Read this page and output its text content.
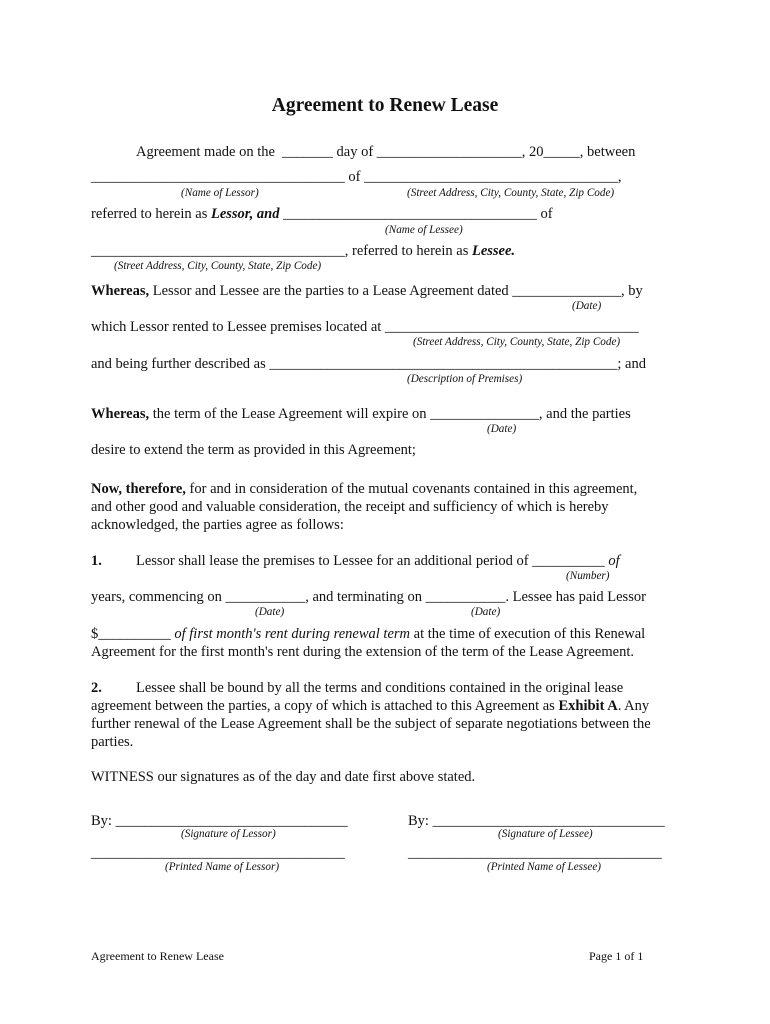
Agreement to Renew Lease
Agreement made on the  _______ day of ____________________, 20_____, between
___________________________________ of ___________________________________,
(Name of Lessor)	(Street Address, City, County, State, Zip Code)
referred to herein as Lessor, and ___________________________________ of
(Name of Lessee)
___________________________________, referred to herein as Lessee.
(Street Address, City, County, State, Zip Code)
Whereas, Lessor and Lessee are the parties to a Lease Agreement dated _______________, by
(Date)
which Lessor rented to Lessee premises located at ___________________________________
(Street Address, City, County, State, Zip Code)
and being further described as ________________________________________________; and
(Description of Premises)
Whereas, the term of the Lease Agreement will expire on _______________, and the parties
(Date)
desire to extend the term as provided in this Agreement;
Now, therefore, for and in consideration of the mutual covenants contained in this agreement,
and other good and valuable consideration, the receipt and sufficiency of which is hereby
acknowledged, the parties agree as follows:
1. Lessor shall lease the premises to Lessee for an additional period of __________ of
(Number)
years, commencing on ___________, and terminating on ___________. Lessee has paid Lessor
(Date)	(Date)
$__________ of first month's rent during renewal term at the time of execution of this Renewal
Agreement for the first month's rent during the extension of the term of the Lease Agreement.
2. Lessee shall be bound by all the terms and conditions contained in the original lease
agreement between the parties, a copy of which is attached to this Agreement as Exhibit A. Any
further renewal of the Lease Agreement shall be the subject of separate negotiations between the
parties.
WITNESS our signatures as of the day and date first above stated.
By: ________________________________	By: ________________________________
(Signature of Lessor)	(Signature of Lessee)
___________________________________	___________________________________
(Printed Name of Lessor)	(Printed Name of Lessee)
Agreement to Renew Lease	Page 1 of 1
